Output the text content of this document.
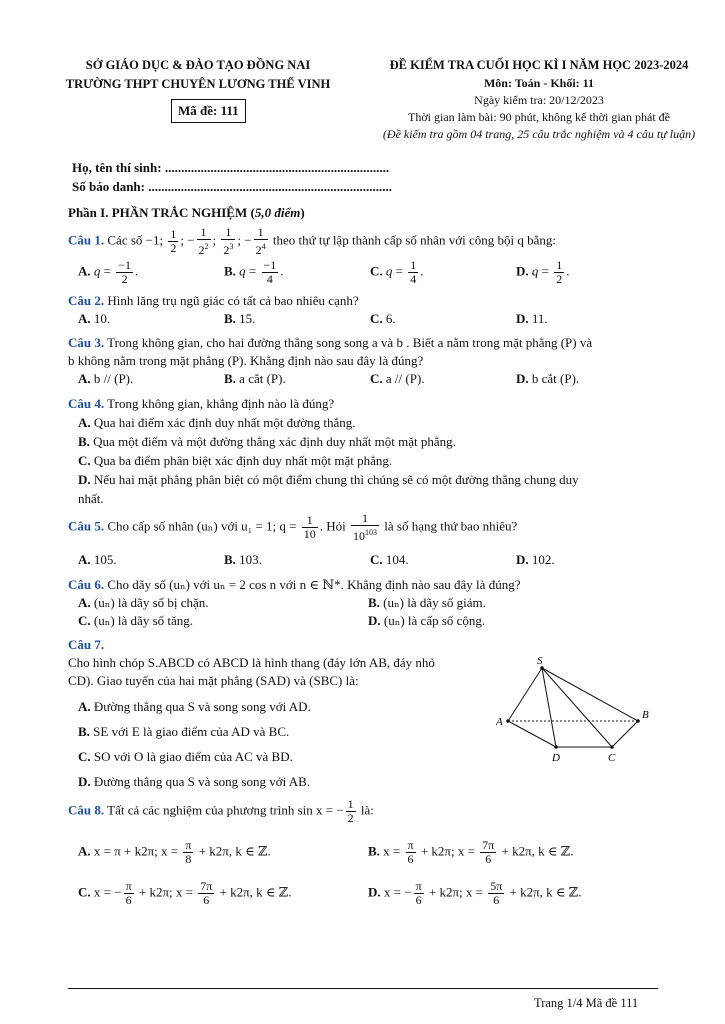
SỞ GIÁO DỤC & ĐÀO TẠO ĐỒNG NAI
TRƯỜNG THPT CHUYÊN LƯƠNG THẾ VINH
Mã đề: 111
ĐỀ KIỂM TRA CUỐI HỌC KÌ I NĂM HỌC 2023-2024
Môn: Toán - Khối: 11
Ngày kiểm tra: 20/12/2023
Thời gian làm bài: 90 phút, không kể thời gian phát đề
(Đề kiểm tra gồm 04 trang, 25 câu trắc nghiệm và 4 câu tự luận)
Họ, tên thí sinh: .....................................................................
Số báo danh: ...........................................................................
Phần I. PHẦN TRẮC NGHIỆM (5,0 điểm)
Câu 1. Các số −1; $\frac{1}{2}$ ; − $\frac{1}{2^2}$ ; $\frac{1}{2^3}$ ; − $\frac{1}{2^4}$ theo thứ tự lập thành cấp số nhân với công bội q bằng:
A. $q = \frac{-1}{2}$ .	B. $q = \frac{-1}{4}$ .	C. $q = \frac{1}{4}$ .	D. $q = \frac{1}{2}$ .
Câu 2. Hình lăng trụ ngũ giác có tất cả bao nhiêu cạnh?
A. 10.	B. 15.	C. 6.	D. 11.
Câu 3. Trong không gian, cho hai đường thẳng song song a và b . Biết a nằm trong mặt phẳng (P) và
b không nằm trong mặt phẳng (P). Khẳng định nào sau đây là đúng?
A. b // (P).	B. a cắt (P).	C. a // (P).	D. b cắt (P).
Câu 4. Trong không gian, khẳng định nào là đúng?
A. Qua hai điểm xác định duy nhất một đường thẳng.
B. Qua một điểm và một đường thẳng xác định duy nhất một mặt phẳng.
C. Qua ba điểm phân biệt xác định duy nhất một mặt phẳng.
D. Nếu hai mặt phẳng phân biệt có một điểm chung thì chúng sẽ có một đường thẳng chung duy
nhất.
Câu 5. Cho cấp số nhân (uₙ) với u₁ = 1; $q = \frac{1}{10}$ . Hỏi $\frac{1}{10^{103}}$ là số hạng thứ bao nhiêu?
A. 105.	B. 103.	C. 104.	D. 102.
Câu 6. Cho dãy số (uₙ) với uₙ = 2 cos n với n ∈ ℕ*. Khẳng định nào sau đây là đúng?
A. (uₙ) là dãy số bị chặn.	B. (uₙ) là dãy số giảm.
C. (uₙ) là dãy số tăng.	D. (uₙ) là cấp số cộng.
Câu 7.
Cho hình chóp S.ABCD có ABCD là hình thang (đáy lớn AB, đáy nhỏ
CD). Giao tuyến của hai mặt phẳng (SAD) và (SBC) là:
A. Đường thẳng qua S và song song với AD.
B. SE với E là giao điểm của AD và BC.
C. SO với O là giao điểm của AC và BD.
D. Đường thẳng qua S và song song với AB.
S
A
B
C
D
Câu 8. Tất cả các nghiệm của phương trình sin x = − $\frac{1}{2}$ là:
A. x = π + k2π; $x = \frac{\pi}{8} + k2\pi$, k ∈ ℤ.	B. $x = \frac{\pi}{6} + k2\pi$; $x = \frac{7\pi}{6} + k2\pi$, k ∈ ℤ.
C. x = − $\frac{\pi}{6} + k2\pi$; $x = \frac{7\pi}{6} + k2\pi$, k ∈ ℤ.	D. x = − $\frac{\pi}{6} + k2\pi$; $x = \frac{5\pi}{6} + k2\pi$, k ∈ ℤ.
Trang 1/4 Mã đề 111
